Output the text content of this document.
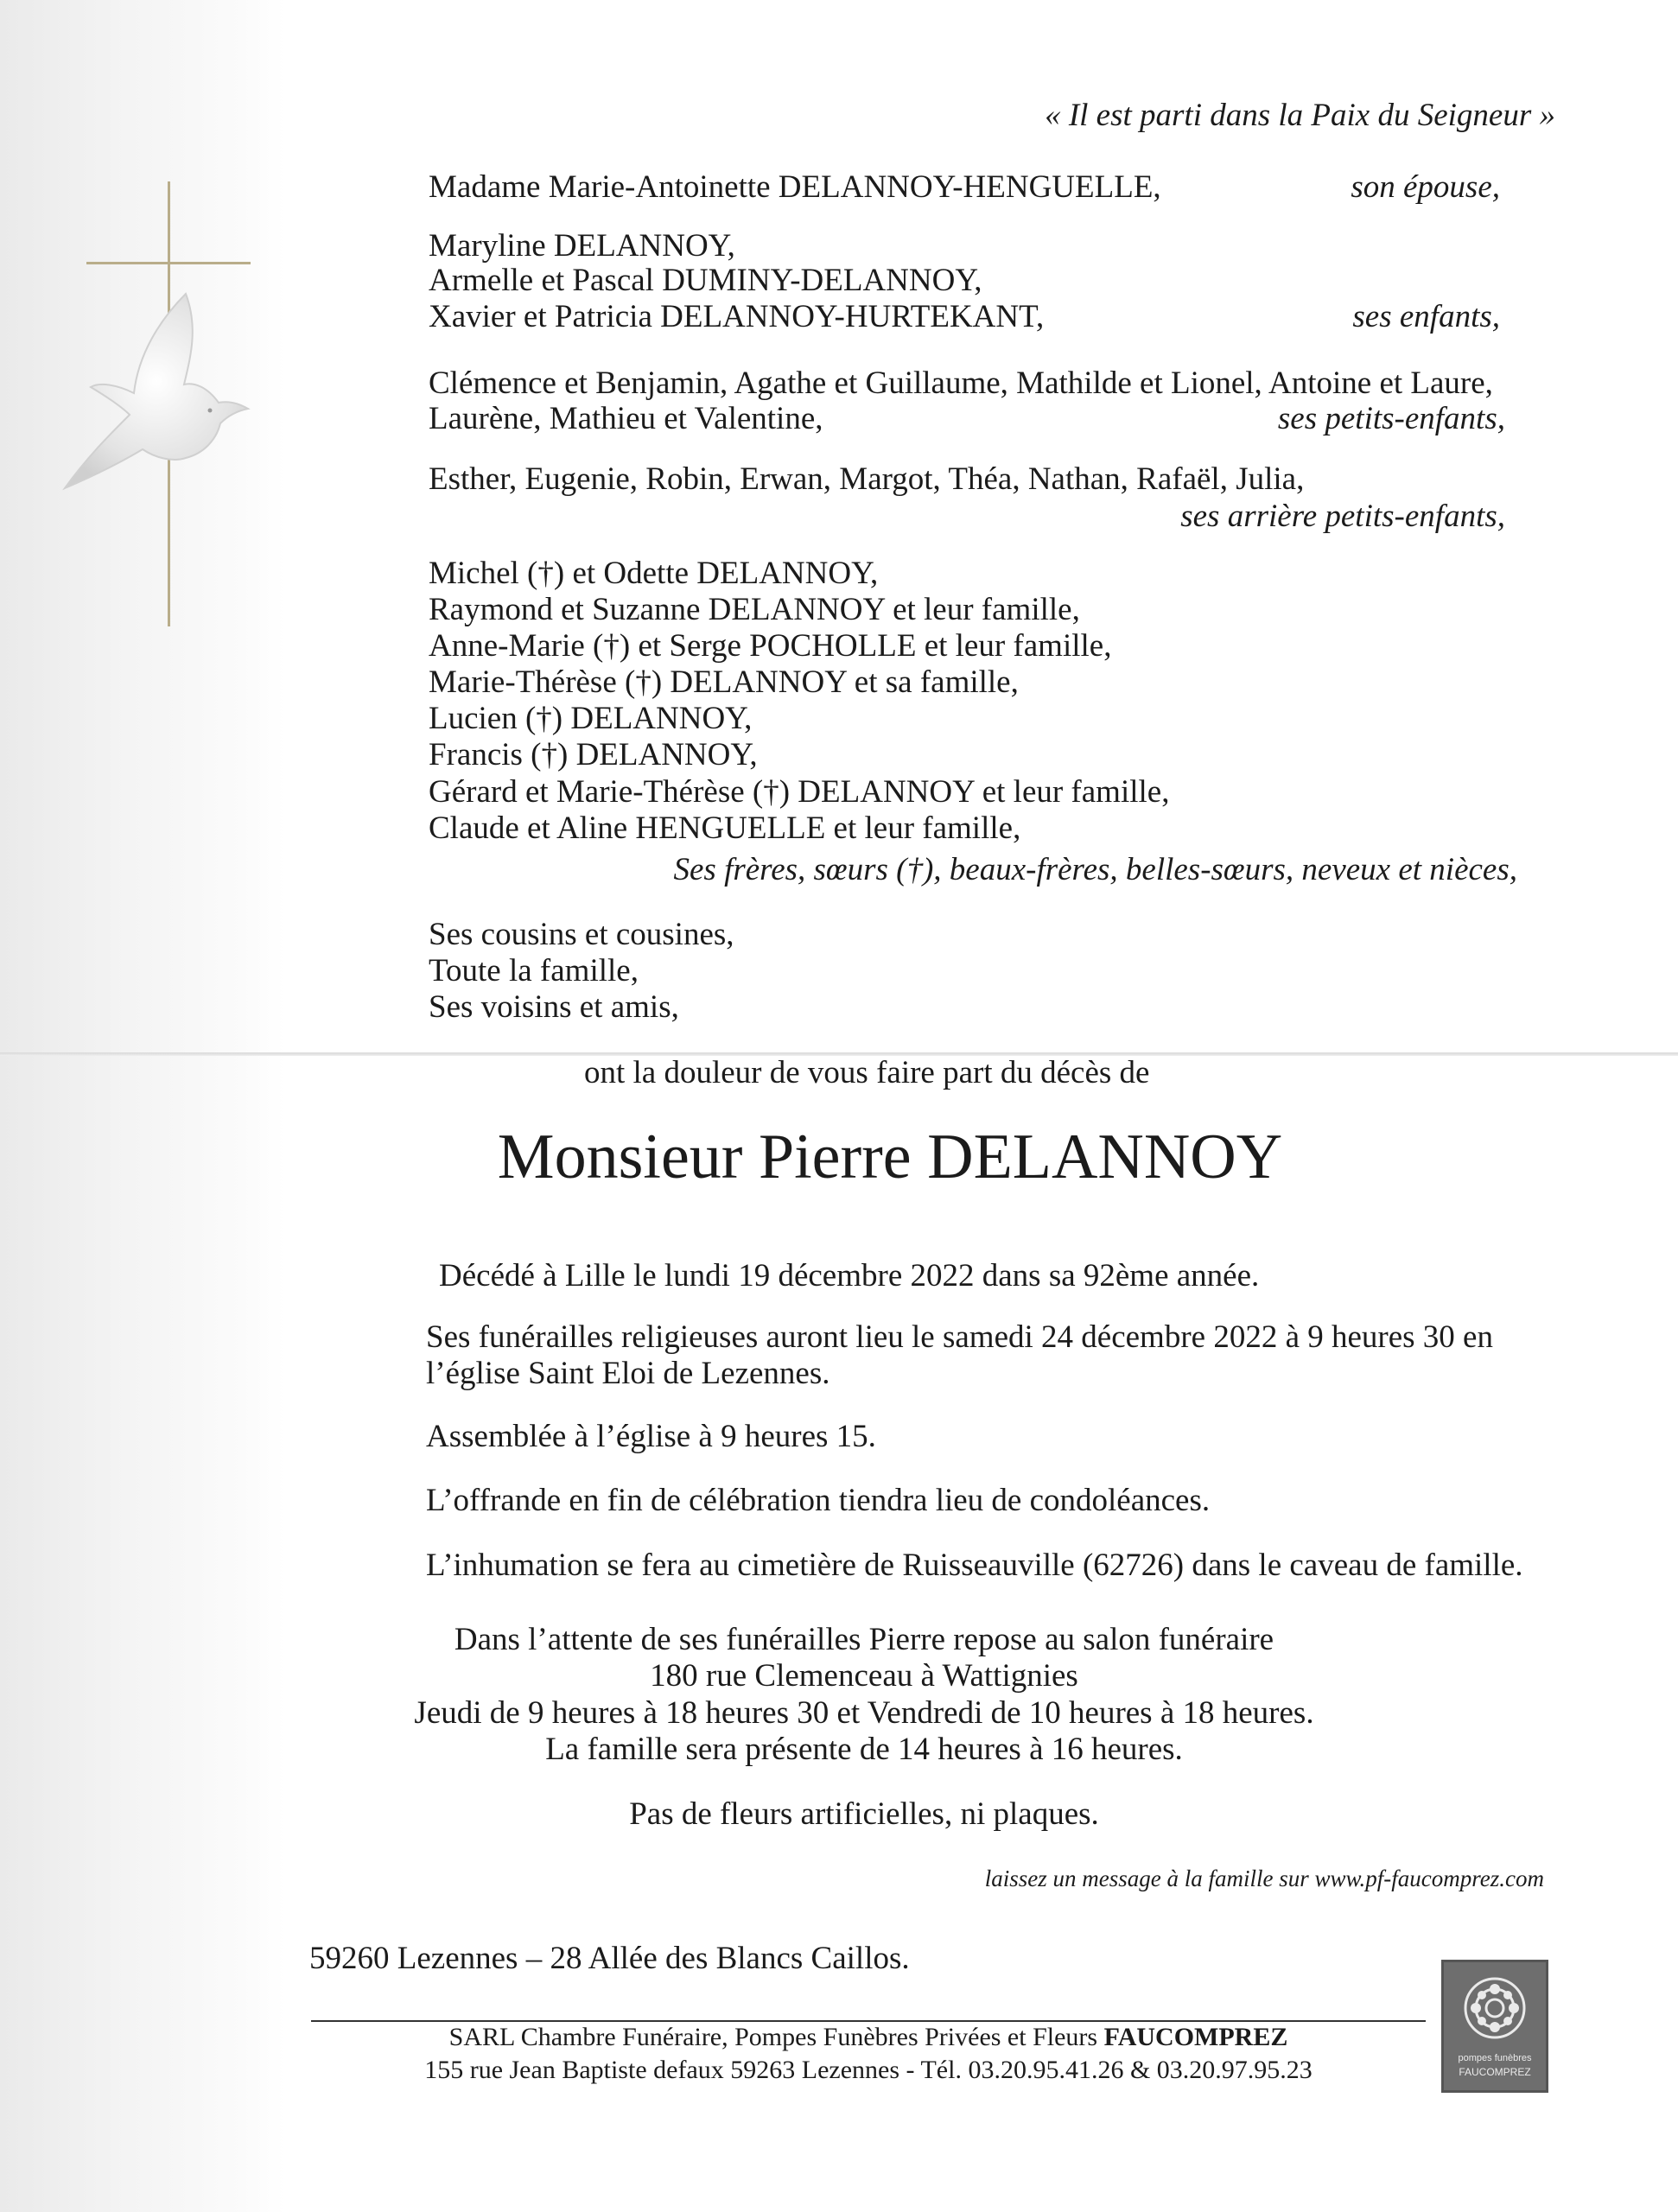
« Il est parti dans la Paix du Seigneur »
Madame Marie-Antoinette DELANNOY-HENGUELLE,	son épouse,
Maryline DELANNOY,
Armelle et Pascal DUMINY-DELANNOY,
Xavier et Patricia DELANNOY-HURTEKANT,	ses enfants,
Clémence et Benjamin, Agathe et Guillaume, Mathilde et Lionel, Antoine et Laure,
Laurène, Mathieu et Valentine,	ses petits-enfants,
Esther, Eugenie, Robin, Erwan, Margot, Théa, Nathan, Rafaël, Julia,
ses arrière petits-enfants,
Michel (†) et Odette DELANNOY,
Raymond et Suzanne DELANNOY et leur famille,
Anne-Marie (†) et Serge POCHOLLE et leur famille,
Marie-Thérèse (†) DELANNOY et sa famille,
Lucien (†) DELANNOY,
Francis (†) DELANNOY,
Gérard et Marie-Thérèse (†) DELANNOY et leur famille,
Claude et Aline HENGUELLE et leur famille,
Ses frères, sœurs (†), beaux-frères, belles-sœurs, neveux et nièces,
Ses cousins et cousines,
Toute la famille,
Ses voisins et amis,
ont la douleur de vous faire part du décès de
Monsieur Pierre DELANNOY
Décédé à Lille le lundi 19 décembre 2022 dans sa 92ème année.
Ses funérailles religieuses auront lieu le samedi 24 décembre 2022 à 9 heures 30 en
l’église Saint Eloi de Lezennes.
Assemblée à l’église à 9 heures 15.
L’offrande en fin de célébration tiendra lieu de condoléances.
L’inhumation se fera au cimetière de Ruisseauville (62726) dans le caveau de famille.
Dans l’attente de ses funérailles Pierre repose au salon funéraire
180 rue Clemenceau à Wattignies
Jeudi de 9 heures à 18 heures 30 et Vendredi de 10 heures à 18 heures.
La famille sera présente de 14 heures à 16 heures.
Pas de fleurs artificielles, ni plaques.
laissez un message à la famille sur www.pf-faucomprez.com
59260 Lezennes – 28 Allée des Blancs Caillos.
SARL Chambre Funéraire, Pompes Funèbres Privées et Fleurs FAUCOMPREZ
155 rue Jean Baptiste defaux 59263 Lezennes - Tél. 03.20.95.41.26 & 03.20.97.95.23	pompes funèbres
FAUCOMPREZ
